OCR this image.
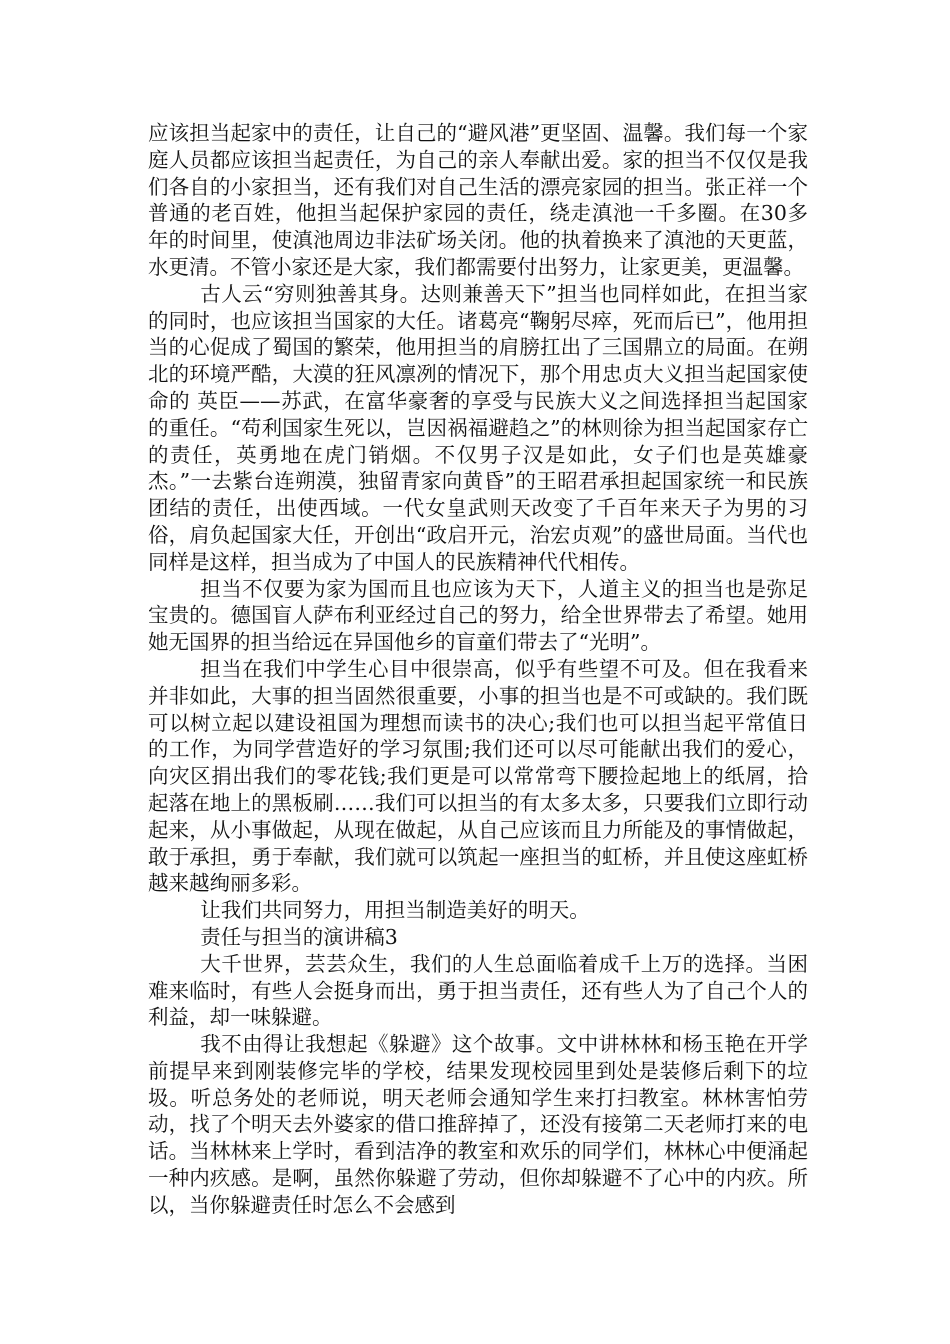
应该担当起家中的责任，让自己的“避风港”更坚固、温馨。我们每一个家庭人员都应该担当起责任，为自己的亲人奉献出爱。家的担当不仅仅是我们各自的小家担当，还有我们对自己生活的漂亮家园的担当。张正祥一个普通的老百姓，他担当起保护家园的责任，绕走滇池一千多圈。在30多年的时间里，使滇池周边非法矿场关闭。他的执着换来了滇池的天更蓝，水更清。不管小家还是大家，我们都需要付出努力，让家更美，更温馨。

古人云“穷则独善其身。达则兼善天下”担当也同样如此，在担当家的同时，也应该担当国家的大任。诸葛亮“鞠躬尽瘁，死而后已”，他用担当的心促成了蜀国的繁荣，他用担当的肩膀扛出了三国鼎立的局面。在朔北的环境严酷，大漠的狂风凛冽的情况下，那个用忠贞大义担当起国家使命的 英臣——苏武，在富华豪奢的享受与民族大义之间选择担当起国家的重任。“苟利国家生死以，岂因祸福避趋之”的林则徐为担当起国家存亡的责任，英勇地在虎门销烟。不仅男子汉是如此，女子们也是英雄豪杰。”一去紫台连朔漠，独留青家向黄昏”的王昭君承担起国家统一和民族团结的责任，出使西域。一代女皇武则天改变了千百年来天子为男的习俗，肩负起国家大任，开创出“政启开元，治宏贞观”的盛世局面。当代也同样是这样，担当成为了中国人的民族精神代代相传。

担当不仅要为家为国而且也应该为天下，人道主义的担当也是弥足宝贵的。德国盲人萨布利亚经过自己的努力，给全世界带去了希望。她用她无国界的担当给远在异国他乡的盲童们带去了“光明”。

担当在我们中学生心目中很崇高，似乎有些望不可及。但在我看来并非如此，大事的担当固然很重要，小事的担当也是不可或缺的。我们既可以树立起以建设祖国为理想而读书的决心;我们也可以担当起平常值日的工作，为同学营造好的学习氛围;我们还可以尽可能献出我们的爱心，向灾区捐出我们的零花钱;我们更是可以常常弯下腰捡起地上的纸屑，拾起落在地上的黑板刷……我们可以担当的有太多太多，只要我们立即行动起来，从小事做起，从现在做起，从自己应该而且力所能及的事情做起，敢于承担，勇于奉献，我们就可以筑起一座担当的虹桥，并且使这座虹桥越来越绚丽多彩。

让我们共同努力，用担当制造美好的明天。

责任与担当的演讲稿3

大千世界，芸芸众生，我们的人生总面临着成千上万的选择。当困难来临时，有些人会挺身而出，勇于担当责任，还有些人为了自己个人的利益，却一味躲避。

我不由得让我想起《躲避》这个故事。文中讲林林和杨玉艳在开学前提早来到刚装修完毕的学校，结果发现校园里到处是装修后剩下的垃圾。听总务处的老师说，明天老师会通知学生来打扫教室。林林害怕劳动，找了个明天去外婆家的借口推辞掉了，还没有接第二天老师打来的电话。当林林来上学时，看到洁净的教室和欢乐的同学们，林林心中便涌起一种内疚感。是啊，虽然你躲避了劳动，但你却躲避不了心中的内疚。所以，当你躲避责任时怎么不会感到
